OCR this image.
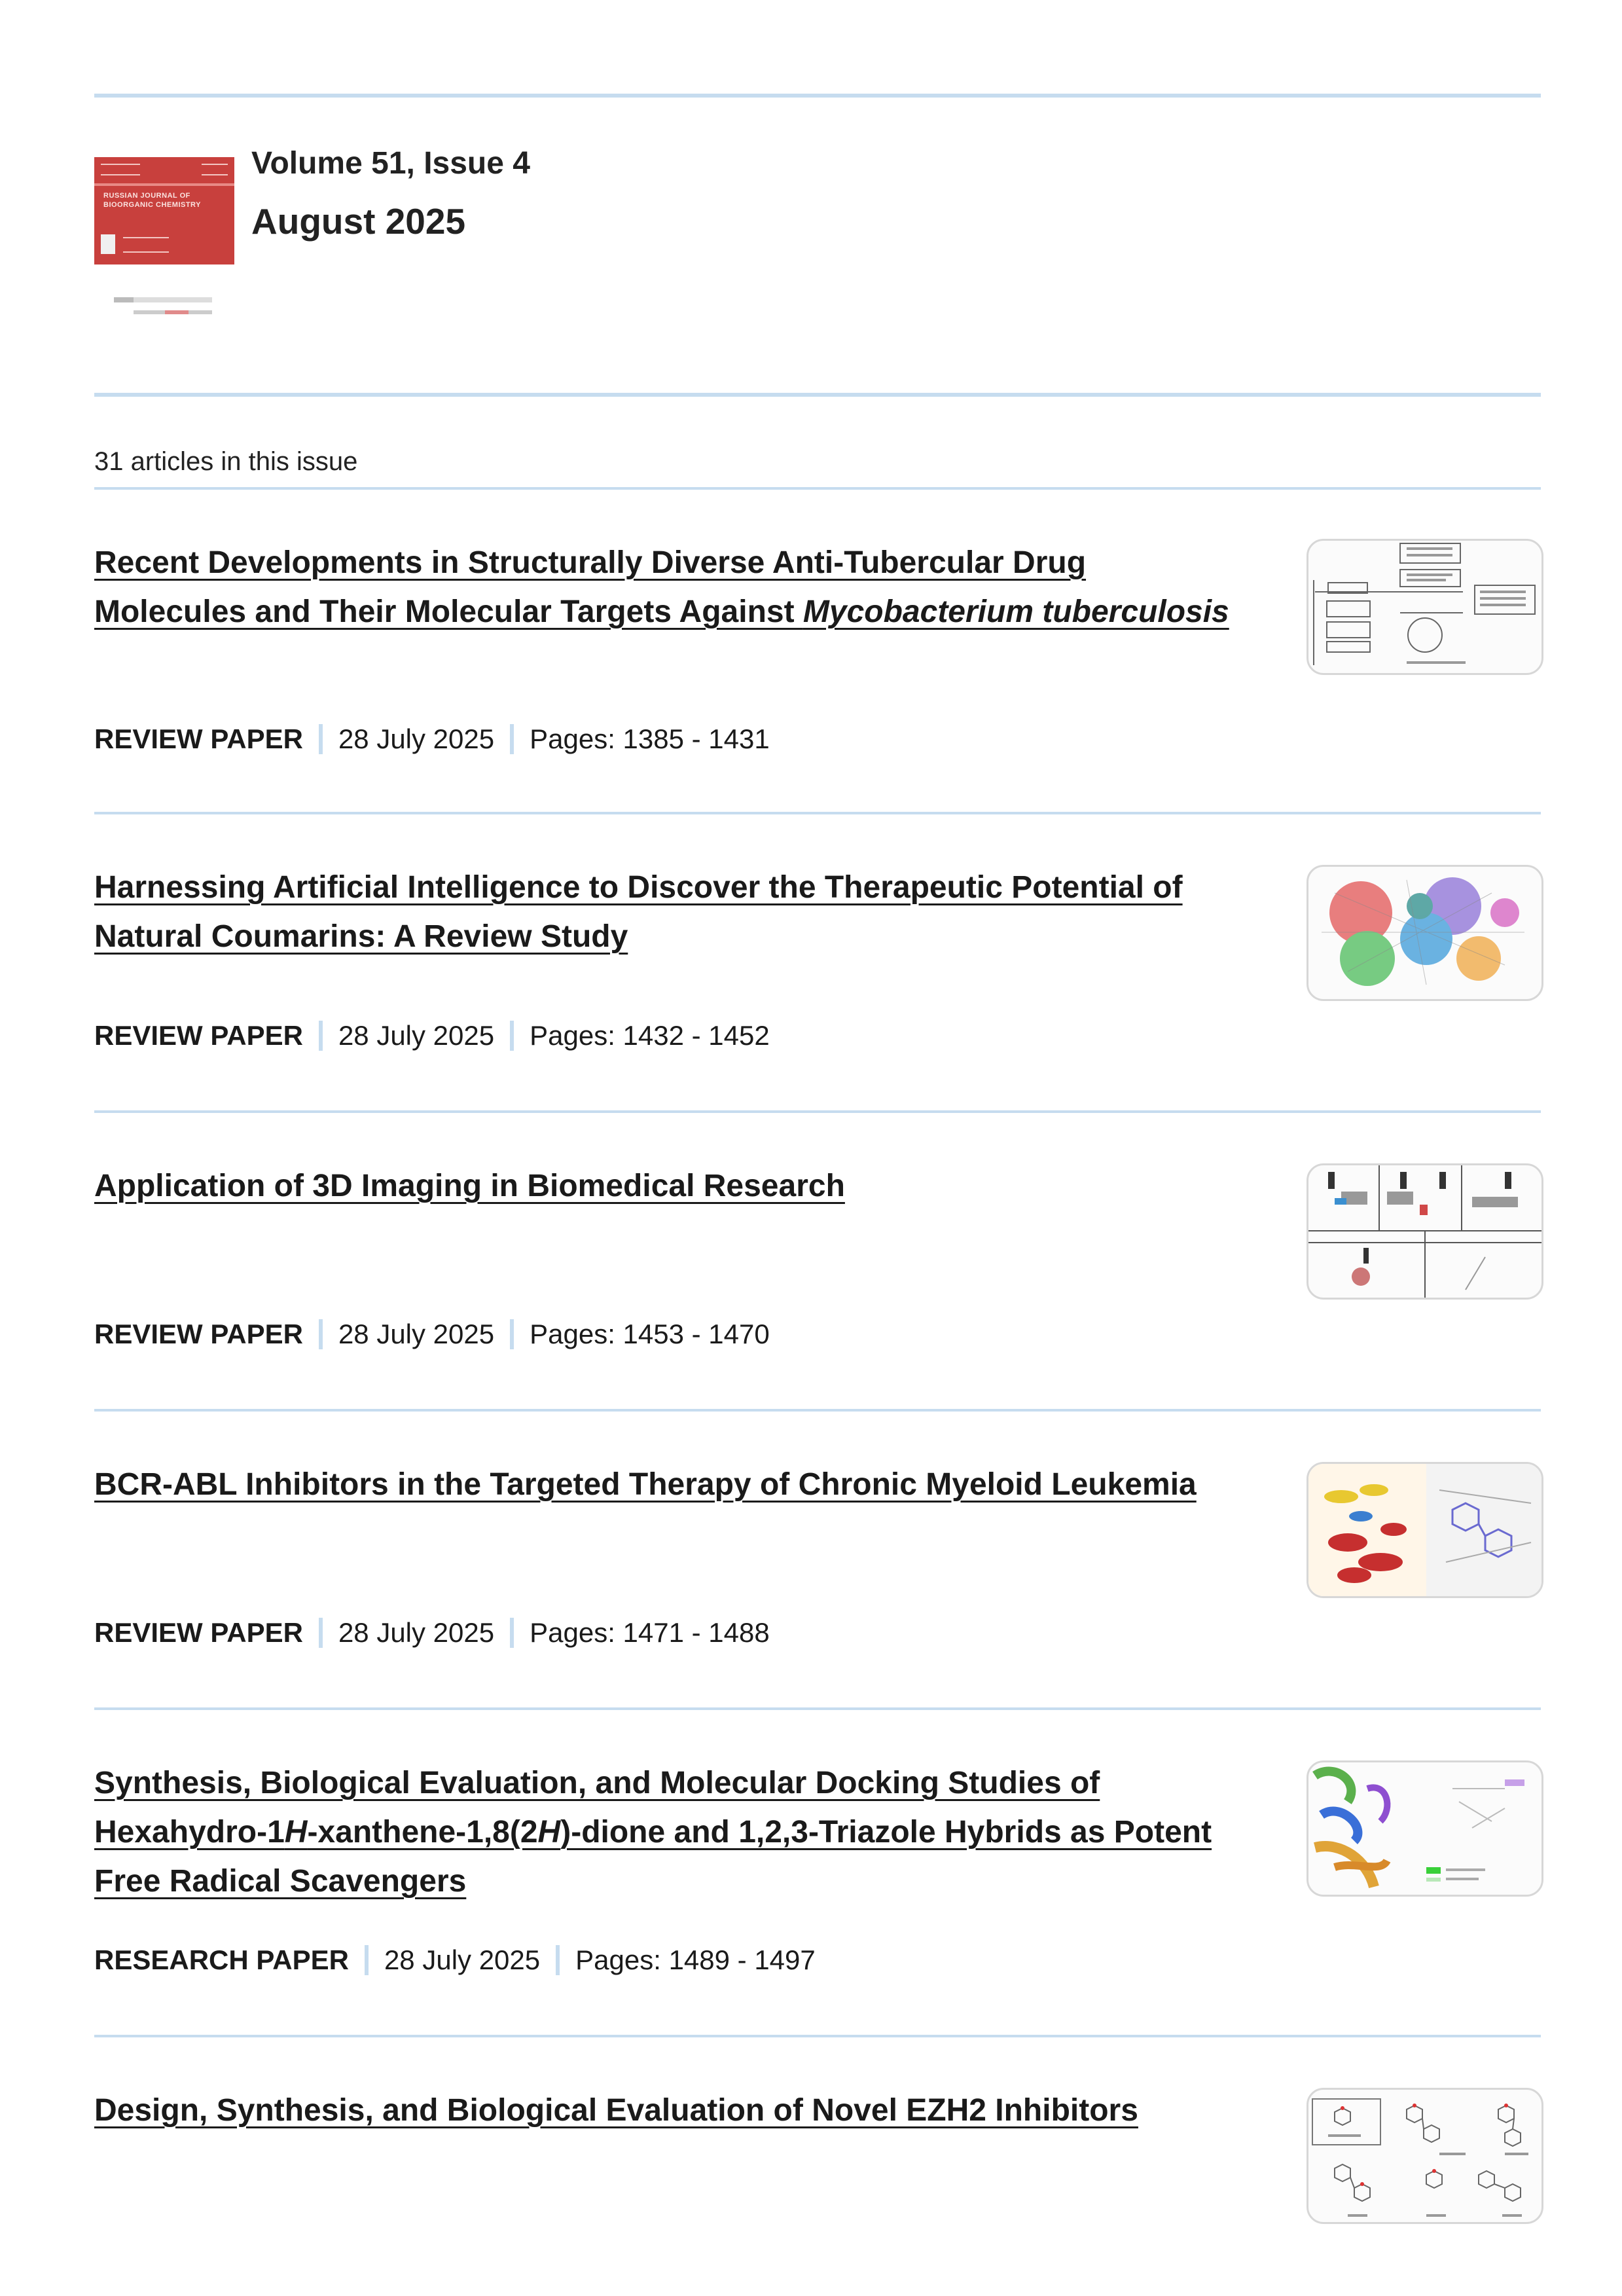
RUSSIAN JOURNAL OF BIOORGANIC CHEMISTRY
Volume 51, Issue 4
August 2025
31 articles in this issue
Recent Developments in Structurally Diverse Anti-Tubercular Drug Molecules and Their Molecular Targets Against Mycobacterium tuberculosis
REVIEW PAPER 28 July 2025 Pages: 1385 - 1431
Harnessing Artificial Intelligence to Discover the Therapeutic Potential of Natural Coumarins: A Review Study
REVIEW PAPER 28 July 2025 Pages: 1432 - 1452
Application of 3D Imaging in Biomedical Research
REVIEW PAPER 28 July 2025 Pages: 1453 - 1470
BCR-ABL Inhibitors in the Targeted Therapy of Chronic Myeloid Leukemia
REVIEW PAPER 28 July 2025 Pages: 1471 - 1488
Synthesis, Biological Evaluation, and Molecular Docking Studies of Hexahydro-1H-xanthene-1,8(2H)-dione and 1,2,3-Triazole Hybrids as Potent Free Radical Scavengers
RESEARCH PAPER 28 July 2025 Pages: 1489 - 1497
Design, Synthesis, and Biological Evaluation of Novel EZH2 Inhibitors
